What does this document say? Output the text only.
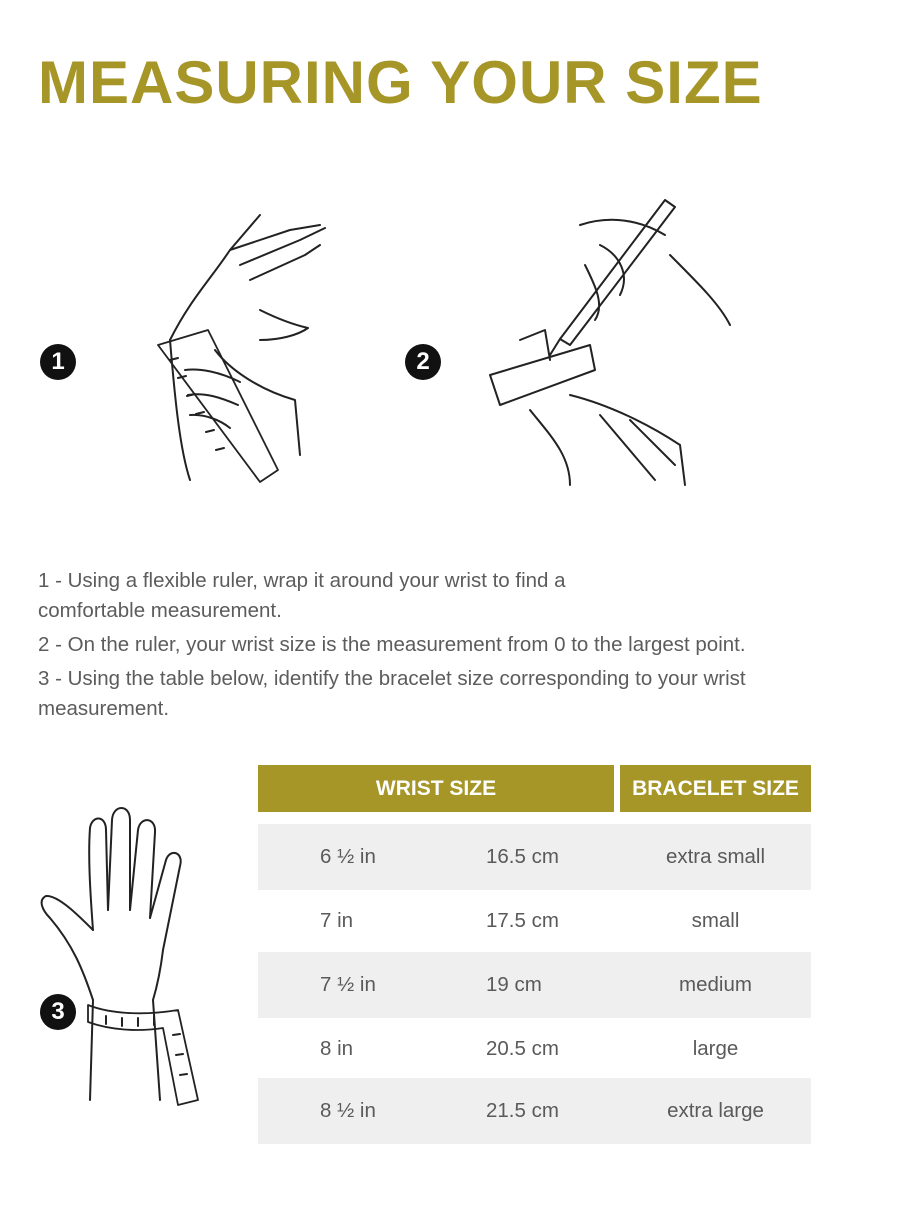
MEASURING YOUR SIZE
1	2

1 - Using a flexible ruler, wrap it around your wrist to find a comfortable measurement.

2 - On the ruler, your wrist size is the measurement from 0 to the largest point.

3 - Using the table below, identify the bracelet size corresponding to your wrist measurement.

3
WRIST SIZE	BRACELET SIZE
6 ½ in	16.5 cm	extra small
7 in	17.5 cm	small
7 ½ in	19 cm	medium
8 in	20.5 cm	large
8 ½ in	21.5 cm	extra large
